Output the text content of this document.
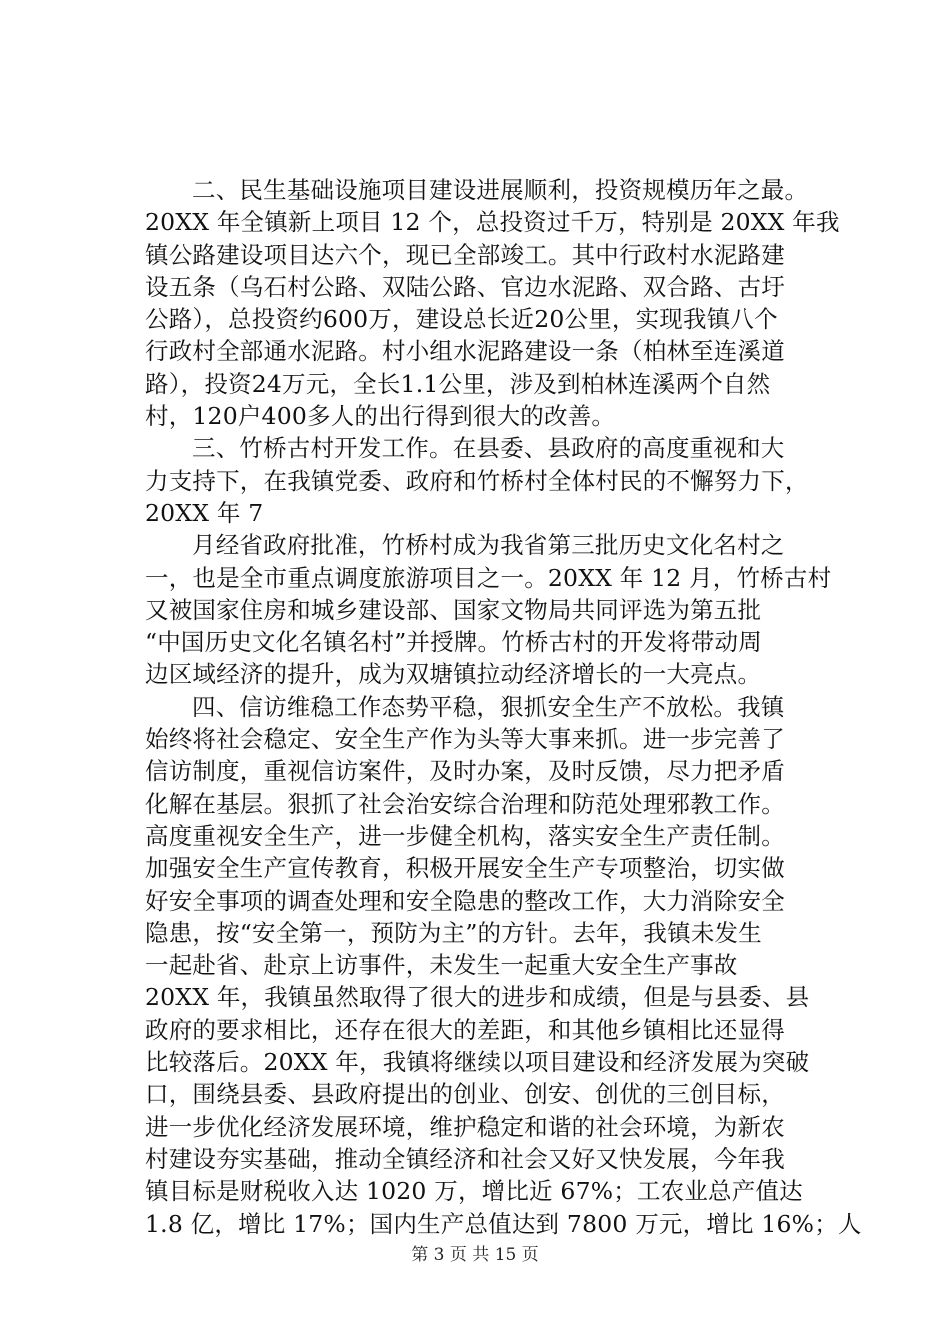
二、民生基础设施项目建设进展顺利，投资规模历年之最。
20XX 年全镇新上项目 12 个，总投资过千万，特别是 20XX 年我
镇公路建设项目达六个，现已全部竣工。其中行政村水泥路建
设五条（乌石村公路、双陆公路、官边水泥路、双合路、古圩
公路），总投资约600万，建设总长近20公里，实现我镇八个
行政村全部通水泥路。村小组水泥路建设一条（柏林至连溪道
路），投资24万元，全长1.1公里，涉及到柏林连溪两个自然
村，120户400多人的出行得到很大的改善。
三、竹桥古村开发工作。在县委、县政府的高度重视和大
力支持下，在我镇党委、政府和竹桥村全体村民的不懈努力下，
20XX 年 7
月经省政府批准，竹桥村成为我省第三批历史文化名村之
一，也是全市重点调度旅游项目之一。20XX 年 12 月，竹桥古村
又被国家住房和城乡建设部、国家文物局共同评选为第五批
“中国历史文化名镇名村”并授牌。竹桥古村的开发将带动周
边区域经济的提升，成为双塘镇拉动经济增长的一大亮点。
四、信访维稳工作态势平稳，狠抓安全生产不放松。我镇
始终将社会稳定、安全生产作为头等大事来抓。进一步完善了
信访制度，重视信访案件，及时办案，及时反馈，尽力把矛盾
化解在基层。狠抓了社会治安综合治理和防范处理邪教工作。
高度重视安全生产，进一步健全机构，落实安全生产责任制。
加强安全生产宣传教育，积极开展安全生产专项整治，切实做
好安全事项的调查处理和安全隐患的整改工作，大力消除安全
隐患，按“安全第一，预防为主”的方针。去年，我镇未发生
一起赴省、赴京上访事件，未发生一起重大安全生产事故
20XX 年，我镇虽然取得了很大的进步和成绩，但是与县委、县
政府的要求相比，还存在很大的差距，和其他乡镇相比还显得
比较落后。20XX 年，我镇将继续以项目建设和经济发展为突破
口，围绕县委、县政府提出的创业、创安、创优的三创目标，
进一步优化经济发展环境，维护稳定和谐的社会环境，为新农
村建设夯实基础，推动全镇经济和社会又好又快发展，今年我
镇目标是财税收入达 1020 万，增比近 67%；工农业总产值达
1.8 亿，增比 17%；国内生产总值达到 7800 万元，增比 16%；人
第 3 页 共 15 页
